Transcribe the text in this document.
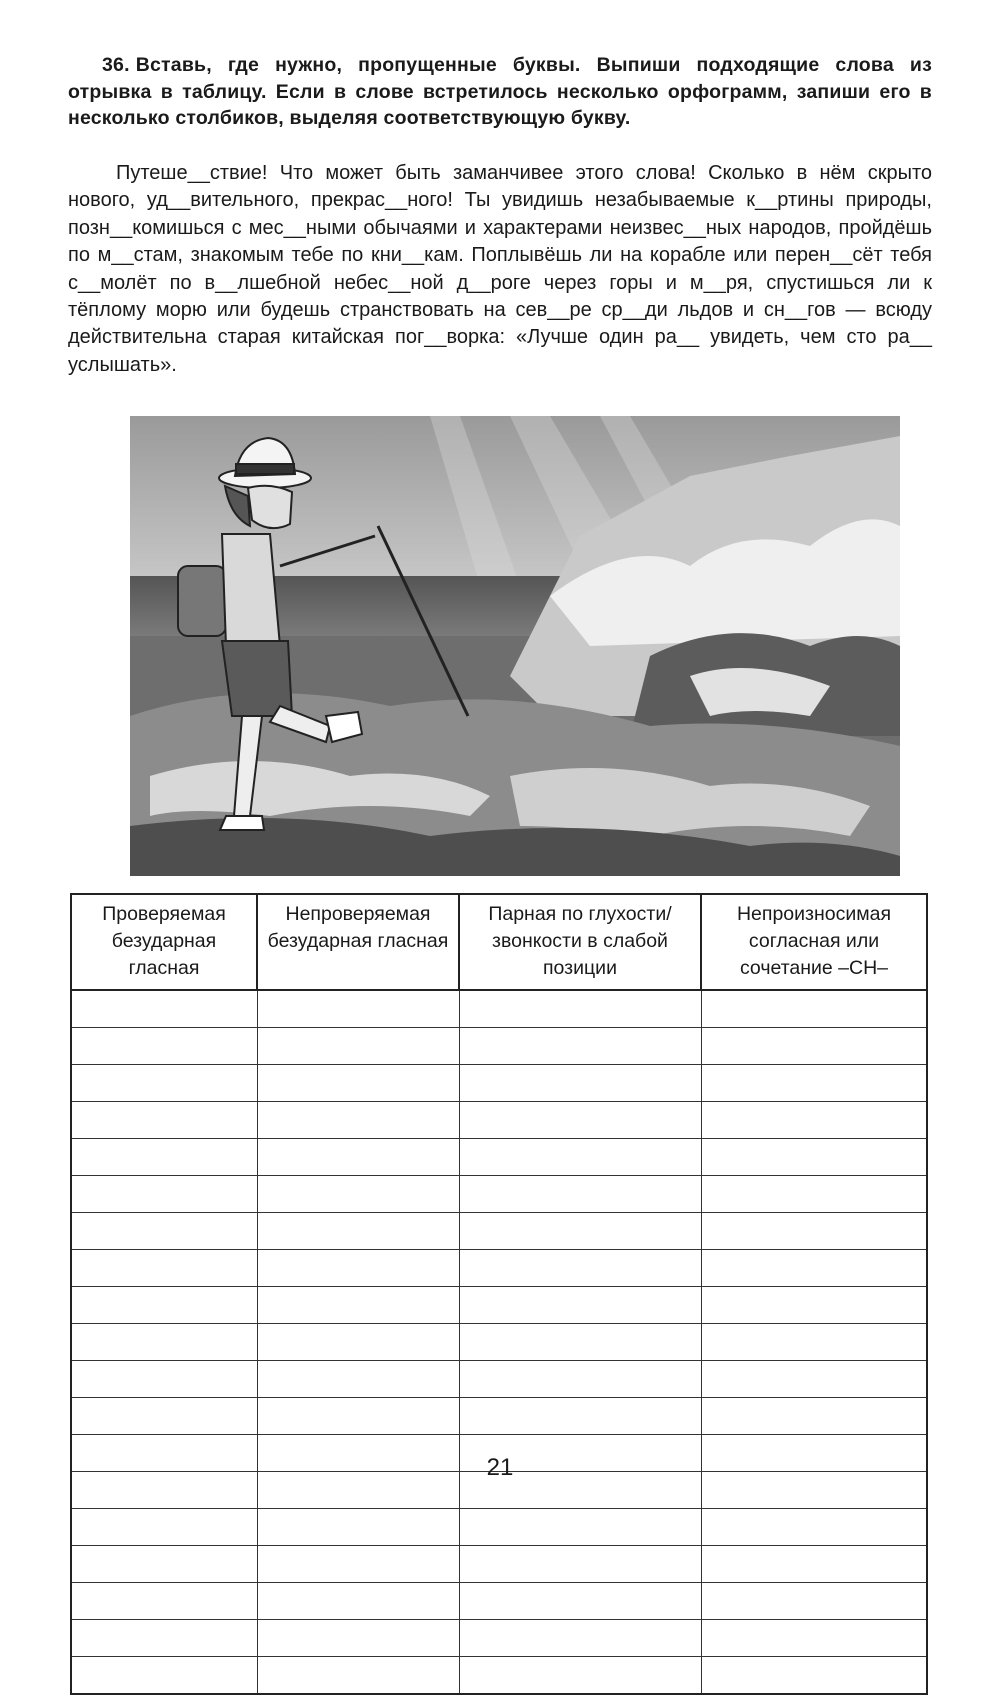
36. Вставь, где нужно, пропущенные буквы. Выпиши подходящие слова из отрывка в таблицу. Если в слове встретилось несколько орфограмм, запиши его в несколько столбиков, выделяя соответствующую букву.

Путеше__ствие! Что может быть заманчивее этого слова! Сколько в нём скрыто нового, уд__вительного, прекрас__ного! Ты увидишь незабываемые к__ртины природы, позн__комишься с мес__ными обычаями и характерами неизвес__ных народов, пройдёшь по м__стам, знакомым тебе по кни__кам. Поплывёшь ли на корабле или перен__сёт тебя с__молёт по в__лшебной небес__ной д__роге через горы и м__ря, спустишься ли к тёплому морю или будешь странствовать на сев__ре ср__ди льдов и сн__гов — всюду действительна старая китайская пог__ворка: «Лучше один ра__ увидеть, чем сто ра__ услышать».

Проверяемая безударная гласная	Непроверяемая безударная гласная	Парная по глухости/звонкости в слабой позиции	Непроизносимая согласная или сочетание –СН–

21
